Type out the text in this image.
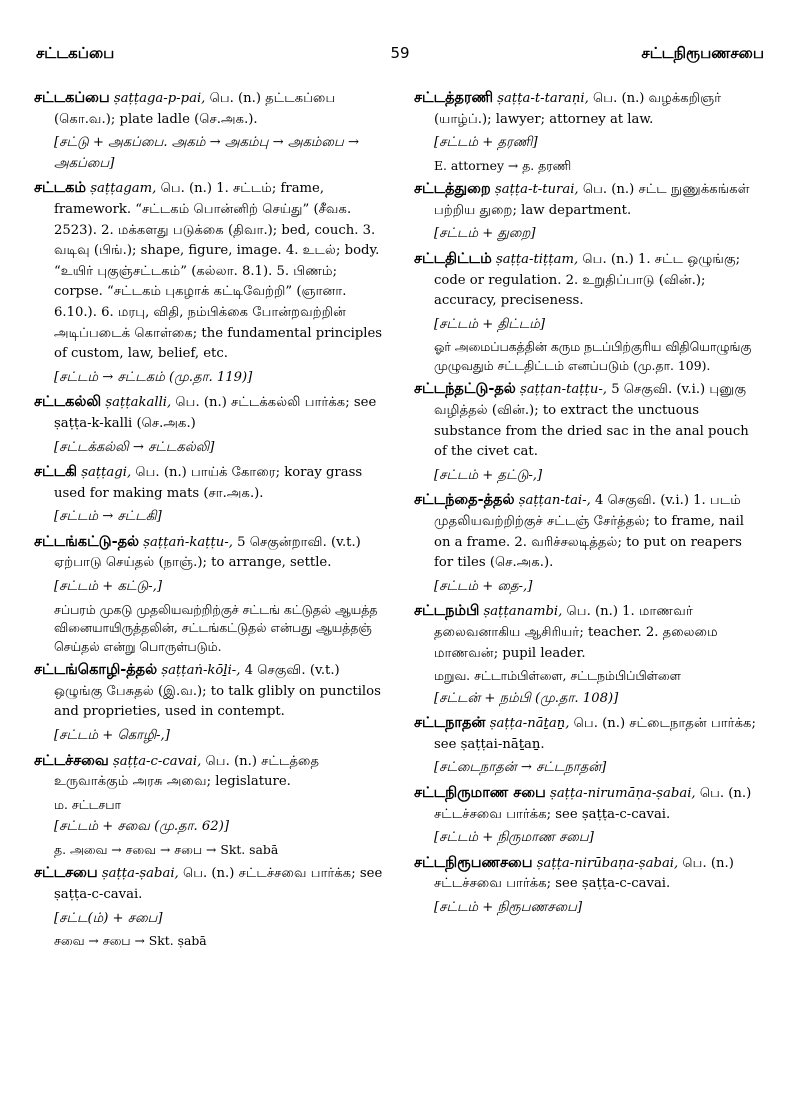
59
சட்டகப்பை	சட்டநிரூபணசபை
சட்டகப்பை ṣaṭṭaga-p-pai, பெ. (n.) தட்டகப்பை (கொ.வ.); plate ladle (செ.அக.).
[சட்டு + அகப்பை. அகம் → அகம்பு → அகம்பை → அகப்பை]
சட்டகம் ṣaṭṭagam, பெ. (n.) 1. சட்டம்; frame, framework. “சட்டகம் பொன்னிற் செய்து” (சீவக. 2523). 2. மக்களது படுக்கை (திவா.); bed, couch. 3. வடிவு (பிங்.); shape, figure, image. 4. உடல்; body. “உயிர் புகுஞ்சட்டகம்” (கல்லா. 8.1). 5. பிணம்; corpse. “சட்டகம் புகழாக் கட்டிவேற்றி” (ஞானா. 6.10.). 6. மரபு, விதி, நம்பிக்கை போன்றவற்றின் அடிப்படைக் கொள்கை; the fundamental principles of custom, law, belief, etc.
[சட்டம் → சட்டகம் (மு.தா. 119)]
சட்டகல்லி ṣaṭṭakalli, பெ. (n.) சட்டக்கல்லி பார்க்க; see ṣaṭṭa-k-kalli (செ.அக.)
[சட்டக்கல்லி → சட்டகல்லி]
சட்டகி ṣaṭṭagi, பெ. (n.) பாய்க் கோரை; koray grass used for making mats (சா.அக.).
[சட்டம் → சட்டகி]
சட்டங்கட்டு-தல் ṣaṭṭaṅ-kaṭṭu-, 5 செகுன்றாவி. (v.t.) ஏற்பாடு செய்தல் (நாஞ்.); to arrange, settle.
[சட்டம் + கட்டு-,]
சப்பரம் முகடு முதலியவற்றிற்குச் சட்டங் கட்டுதல் ஆயத்த வினையாயிருத்தலின், சட்டங்கட்டுதல் என்பது ஆயத்தஞ் செய்தல் என்று பொருள்படும்.
சட்டங்கொழி-த்தல் ṣaṭṭaṅ-kōḻi-, 4 செகுவி. (v.t.) ஒழுங்கு பேசுதல் (இ.வ.); to talk glibly on punctilos and proprieties, used in contempt.
[சட்டம் + கொழி-,]
சட்டச்சவை ṣaṭṭa-c-cavai, பெ. (n.) சட்டத்தை உருவாக்கும் அரசு அவை; legislature.
ம. சட்டசபா
[சட்டம் + சவை (மு.தா. 62)]
த. அவை → சவை → சபை → Skt. sabā
சட்டசபை ṣaṭṭa-ṣabai, பெ. (n.) சட்டச்சவை பார்க்க; see ṣaṭṭa-c-cavai.
[சட்ட(ம்) + சபை]
சவை → சபை → Skt. ṣabā
சட்டத்தரணி ṣaṭṭa-t-taraṇi, பெ. (n.) வழக்கறிஞர் (யாழ்ப்.); lawyer; attorney at law.
[சட்டம் + தரணி]
E. attorney → த. தரணி
சட்டத்துறை ṣaṭṭa-t-turai, பெ. (n.) சட்ட நுணுக்கங்கள் பற்றிய துறை; law department.
[சட்டம் + துறை]
சட்டதிட்டம் ṣaṭṭa-tiṭṭam, பெ. (n.) 1. சட்ட ஒழுங்கு; code or regulation. 2. உறுதிப்பாடு (வின்.); accuracy, preciseness.
[சட்டம் + திட்டம்]
ஓர் அமைப்பகத்தின் கரும நடப்பிற்குரிய விதியொழுங்கு முழுவதும் சட்டதிட்டம் எனப்படும் (மு.தா. 109).
சட்டந்தட்டு-தல் ṣaṭṭan-taṭṭu-, 5 செகுவி. (v.i.) புனுகு வழித்தல் (வின்.); to extract the unctuous substance from the dried sac in the anal pouch of the civet cat.
[சட்டம் + தட்டு-,]
சட்டந்தை-த்தல் ṣaṭṭan-tai-, 4 செகுவி. (v.i.) 1. படம் முதலியவற்றிற்குச் சட்டஞ் சேர்த்தல்; to frame, nail on a frame. 2. வரிச்சலடித்தல்; to put on reapers for tiles (செ.அக.).
[சட்டம் + தை-,]
சட்டநம்பி ṣaṭṭanambi, பெ. (n.) 1. மாணவர் தலைவனாகிய ஆசிரியர்; teacher. 2. தலைமை மாணவன்; pupil leader.
மறுவ. சட்டாம்பிள்ளை, சட்டநம்பிப்பிள்ளை
[சட்டன் + நம்பி (மு.தா. 108)]
சட்டநாதன் ṣaṭṭa-nāṯaṉ, பெ. (n.) சட்டைநாதன் பார்க்க; see ṣaṭṭai-nāṯaṉ.
[சட்டைநாதன் → சட்டநாதன்]
சட்டநிருமாண சபை ṣaṭṭa-nirumāṇa-ṣabai, பெ. (n.) சட்டச்சவை பார்க்க; see ṣaṭṭa-c-cavai.
[சட்டம் + நிருமாண சபை]
சட்டநிரூபணசபை ṣaṭṭa-nirūbaṇa-ṣabai, பெ. (n.) சட்டச்சவை பார்க்க; see ṣaṭṭa-c-cavai.
[சட்டம் + நிரூபணசபை]
